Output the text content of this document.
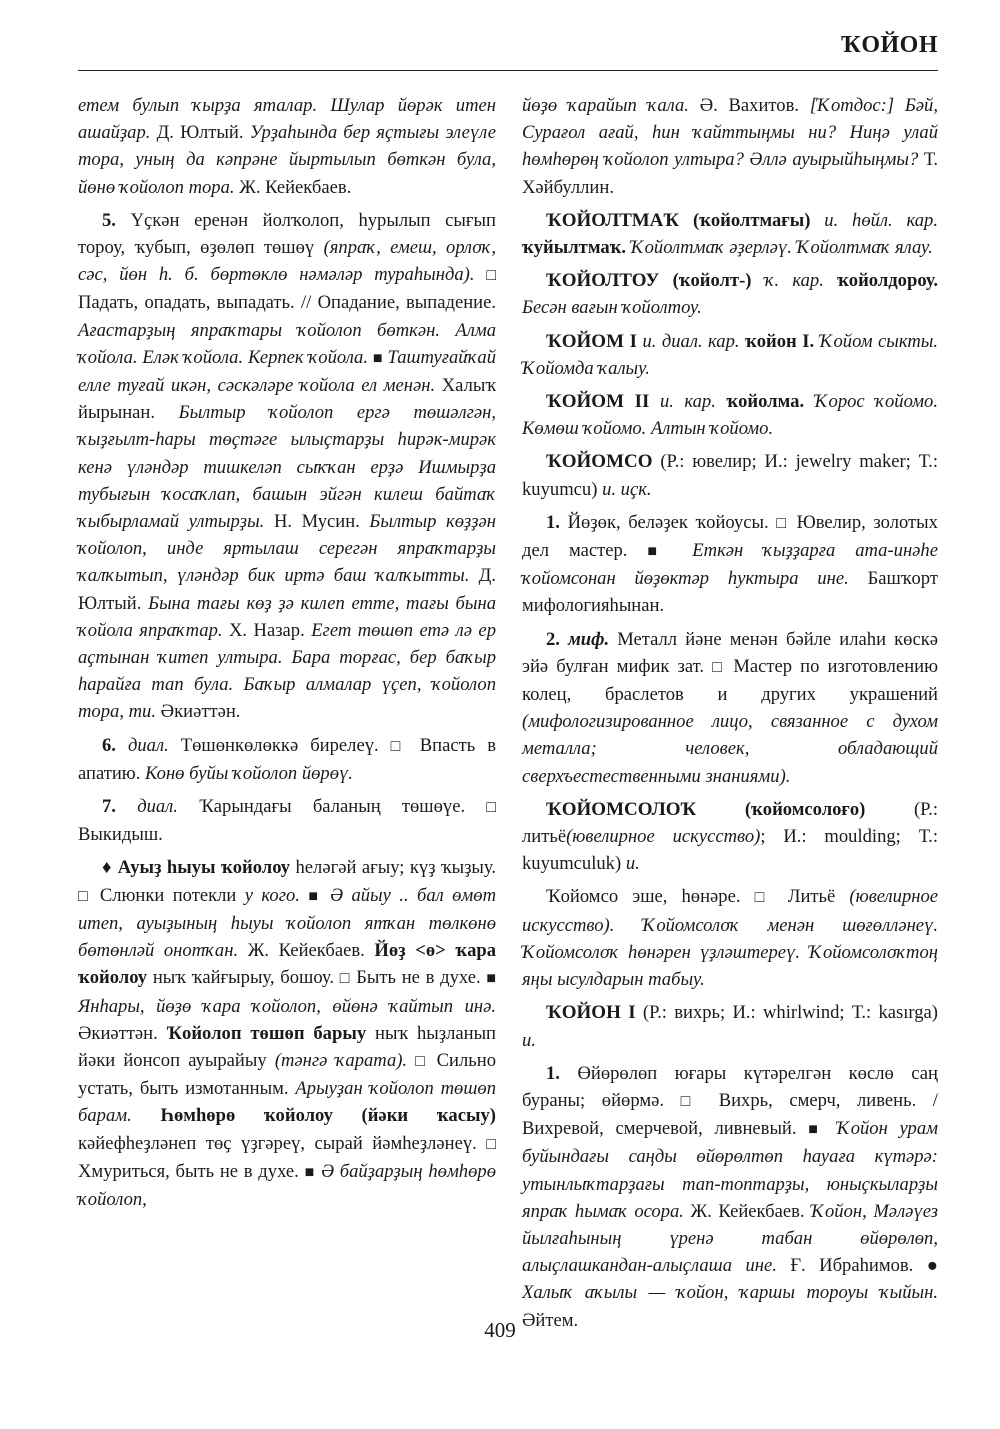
ҠОЙОН

етем булып ҡырҙа яталар. Шулар йөрәк итен ашайҙар. Д. Юлтый. Урҙаһында бер яҫтығы элеүле тора, уның да кәпрәне йыртылып бөткән була, йөнө ҡойолоп тора. Ж. Кейекбаев.

5. Үҫкән еренән йолҡолоп, һурылып сығып тороу, ҡубып, өҙөлөп төшөү (япраҡ, емеш, орлоҡ, сәс, йөн һ. б. бөртөклө нәмәләр тураһында). □ Падать, опадать, выпадать. // Опадание, выпадение. Ағастарҙың япраҡтары ҡойолоп бөткән. Алма ҡойола. Еләк ҡойола. Керпек ҡойола. ■ Таштуғайҡай елле туғай икән, сәскәләре ҡойола ел менән. Халыҡ йырынан. Былтыр ҡойолоп ергә төшәлгән, ҡыҙғылт-һары төҫтәге ылыҫтарҙы һирәк-мирәк кенә үләндәр тишкеләп сыҡҡан ерҙә Ишмырҙа тубығын ҡосаҡлап, башын эйгән килеш байтаҡ ҡыбырламай ултырҙы. Н. Мусин. Былтыр көҙҙән ҡойолоп, инде яртылаш серегән япраҡтарҙы ҡалҡытып, үләндәр бик иртә баш ҡалҡытты. Д. Юлтый. Бына тағы көҙ ҙә килеп етте, тағы бына ҡойола япраҡтар. Х. Назар. Егет төшөп етә лә ер аҫтынан ҡитеп ултыра. Бара торғас, бер баҡыр һарайға тап була. Баҡыр алмалар үҫеп, ҡойолоп тора, ти. Әкиәттән.

6. диал. Төшөнкөлөккә бирелеү. □ Впасть в апатию. Конө буйы ҡойолоп йөрөү.

7. диал. Ҡарындағы баланың төшөүе. □ Выкидыш.

♦ Ауыҙ һыуы ҡойолоу һеләгәй ағыу; күҙ ҡыҙыу. □ Слюнки потекли у кого. ■ Ә айыу .. бал өмөт итеп, ауыҙының һыуы ҡойолоп ятҡан төлкөнө бөтөнләй онотҡан. Ж. Кейекбаев. Йөҙ <ө> ҡара ҡойолоу ныҡ ҡайғырыу, бошоу. □ Быть не в духе. ■ Янһары, йөҙө ҡара ҡойолоп, өйөнә ҡайтып инә. Әкиәттән. Ҡойолоп төшөп барыу ныҡ һыҙланып йәки йонсоп ауырайыу (тәнгә ҡарата). □ Сильно устать, быть измотанным. Арыуҙан ҡойолоп төшөп барам. Һөмһөрө ҡойолоу (йәки ҡасыу) кәйефһеҙләнеп төҫ үҙгәреү, сырай йәмһеҙләнеү. □ Хмуриться, быть не в духе. ■ Ә байҙарҙың һөмһөрө ҡойолоп,

йөҙө ҡарайып ҡала. Ә. Вахитов. [Ҡотдос:] Бәй, Сурағол ағай, һин ҡайттыңмы ни? Ниңә улай һөмһөрөң ҡойолоп ултыра? Әллә ауырыйһыңмы? Т. Хәйбуллин.

ҠОЙОЛТМАҠ (ҡойолтмағы) и. һөйл. кар. ҡуйылтмаҡ. Ҡойолтмаҡ әҙерләү. Ҡойолтмаҡ ялау.

ҠОЙОЛТОУ (ҡойолт-) ҡ. кар. ҡойолдороу. Бесән вағын ҡойолтоу.

ҠОЙОМ I и. диал. кар. ҡойон I. Ҡойом сыкты. Ҡойомда ҡалыу.

ҠОЙОМ II и. кар. ҡойолма. Ҡорос ҡойомо. Көмөш ҡойомо. Алтын ҡойомо.

ҠОЙОМСО (Р.: ювелир; И.: jewelry maker; Т.: kuyumcu) и. иҫк.

1. Йөҙөк, беләҙек ҡойоусы. □ Ювелир, золотых дел мастер. ■ Еткән ҡыҙҙарға ата-инәһе ҡойомсонан йөҙөктәр һуктыра ине. Башҡорт мифологияһынан.

2. миф. Металл йәне менән бәйле илаһи көскә эйә булған мифик зат. □ Мастер по изготовлению колец, браслетов и других украшений (мифологизированное лицо, связанное с духом металла; человек, обладающий сверхъестественными знаниями).

ҠОЙОМСОЛОҠ	(ҡойомсолоғо)	(Р.: литьё(ювелирное искусство); И.: moulding; Т.: kuyumculuk) и.

Ҡойомсо эше, һөнәре. □ Литьё (ювелирное искусство). Ҡойомсолоҡ менән шөғөлләнеү. Ҡойомсолоҡ һөнәрен үҙләштереү. Ҡойомсолоҡтоң яңы ысулдарын табыу.

ҠОЙОН I (Р.: вихрь; И.: whirlwind; Т.: kasırga) и.

1. Өйөрөлөп юғары күтәрелгән көслө саң бураны; өйөрмә. □ Вихрь, смерч, ливень. / Вихревой, смерчевой, ливневый. ■ Ҡойон урам буйындағы саңды өйөрөлтөп һауаға күтәрә: утынлыҡтарҙағы тап-топтарҙы, юныҫкыларҙы япраҡ һымаҡ осора. Ж. Кейекбаев. Ҡойон, Мәләүез йылғаһының үренә табан өйөрөлөп, алыҫлашкандан-алыҫлаша ине. Ғ. Ибраһимов. ● Халыҡ аҡылы — ҡойон, ҡаршы тороуы ҡыйын. Әйтем.

409
